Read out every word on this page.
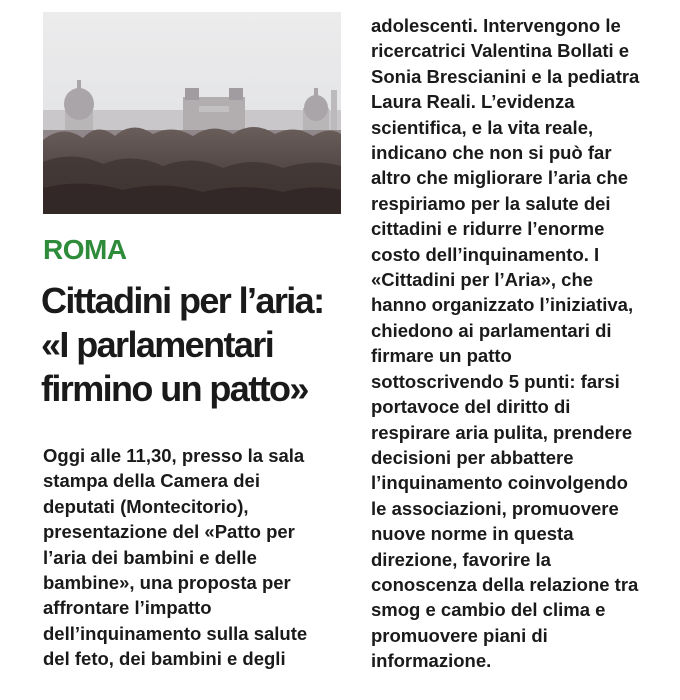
ROMA
Cittadini per l’aria:
«I parlamentari
firmino un patto»
Oggi alle 11,30, presso la sala
stampa della Camera dei
deputati (Montecitorio),
presentazione del «Patto per
l’aria dei bambini e delle
bambine», una proposta per
affrontare l’impatto
dell’inquinamento sulla salute
del feto, dei bambini e degli
adolescenti. Intervengono le
ricercatrici Valentina Bollati e
Sonia Brescianini e la pediatra
Laura Reali. L’evidenza
scientifica, e la vita reale,
indicano che non si può far
altro che migliorare l’aria che
respiriamo per la salute dei
cittadini e ridurre l’enorme
costo dell’inquinamento. I
«Cittadini per l’Aria», che
hanno organizzato l’iniziativa,
chiedono ai parlamentari di
firmare un patto
sottoscrivendo 5 punti: farsi
portavoce del diritto di
respirare aria pulita, prendere
decisioni per abbattere
l’inquinamento coinvolgendo
le associazioni, promuovere
nuove norme in questa
direzione, favorire la
conoscenza della relazione tra
smog e cambio del clima e
promuovere piani di
informazione.
